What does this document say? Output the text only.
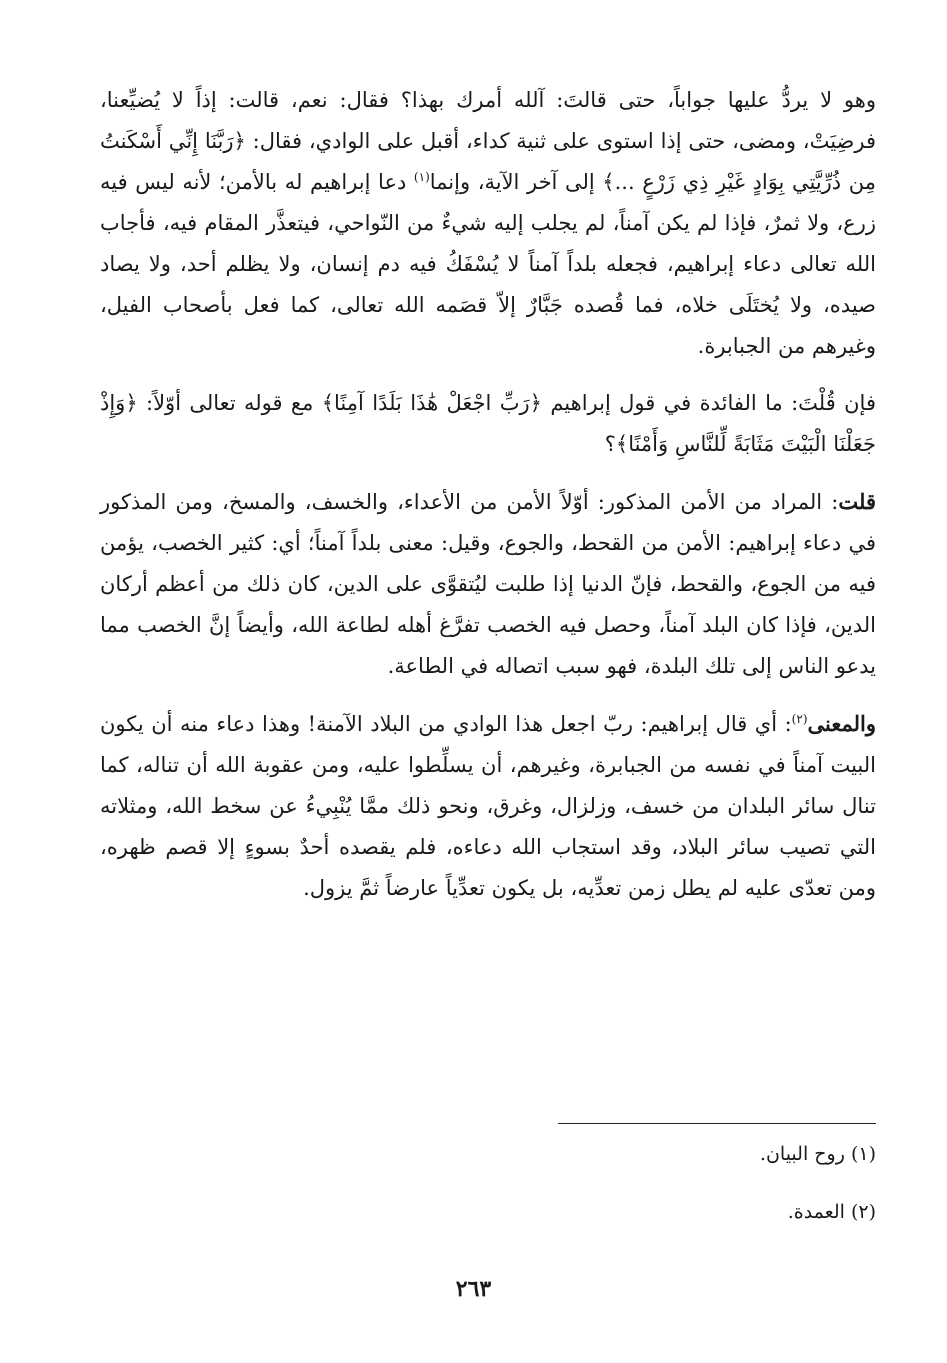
وهو لا يردُّ عليها جواباً، حتى قالتَ: آلله أمرك بهذا؟ فقال: نعم، قالت: إذاً لا يُضيِّعنا، فرضِيَتْ، ومضى، حتى إذا استوى على ثنية كداء، أقبل على الوادي، فقال: ﴿رَبَّنَا إِنِّي أَسْكَنتُ مِن ذُرِّيَّتِي بِوَادٍ غَيْرِ ذِي زَرْعٍ ...﴾ إلى آخر الآية، وإنما$^{(١)}$ دعا إبراهيم له بالأمن؛ لأنه ليس فيه زرع، ولا ثمرٌ، فإذا لم يكن آمناً، لم يجلب إليه شيءٌ من النّواحي، فيتعذَّر المقام فيه، فأجاب الله تعالى دعاء إبراهيم، فجعله بلداً آمناً لا يُسْفَكُ فيه دم إنسان، ولا يظلم أحد، ولا يصاد صيده، ولا يُختَلَى خلاه، فما قُصده جَبَّارٌ إلاّ قصَمه الله تعالى، كما فعل بأصحاب الفيل، وغيرهم من الجبابرة.

فإن قُلْتَ: ما الفائدة في قول إبراهيم ﴿رَبِّ اجْعَلْ هَٰذَا بَلَدًا آمِنًا﴾ مع قوله تعالى أوّلاً: ﴿وَإِذْ جَعَلْنَا الْبَيْتَ مَثَابَةً لِّلنَّاسِ وَأَمْنًا﴾؟

قلت: المراد من الأمن المذكور: أوّلاً الأمن من الأعداء، والخسف، والمسخ، ومن المذكور في دعاء إبراهيم: الأمن من القحط، والجوع، وقيل: معنى بلداً آمناً؛ أي: كثير الخصب، يؤمن فيه من الجوع، والقحط، فإنّ الدنيا إذا طلبت ليُتقوَّى على الدين، كان ذلك من أعظم أركان الدين، فإذا كان البلد آمناً، وحصل فيه الخصب تفرَّغ أهله لطاعة الله، وأيضاً إنَّ الخصب مما يدعو الناس إلى تلك البلدة، فهو سبب اتصاله في الطاعة.

والمعنى$^{(٢)}$: أي قال إبراهيم: ربّ اجعل هذا الوادي من البلاد الآمنة! وهذا دعاء منه أن يكون البيت آمناً في نفسه من الجبابرة، وغيرهم، أن يسلِّطوا عليه، ومن عقوبة الله أن تناله، كما تنال سائر البلدان من خسف، وزلزال، وغرق، ونحو ذلك ممَّا يُنْبِيءُ عن سخط الله، ومثلاته التي تصيب سائر البلاد، وقد استجاب الله دعاءه، فلم يقصده أحدٌ بسوءٍ إلا قصم ظهره، ومن تعدّى عليه لم يطل زمن تعدِّيه، بل يكون تعدِّياً عارضاً ثمَّ يزول.

(١) روح البيان.

(٢) العمدة.

٢٦٣
